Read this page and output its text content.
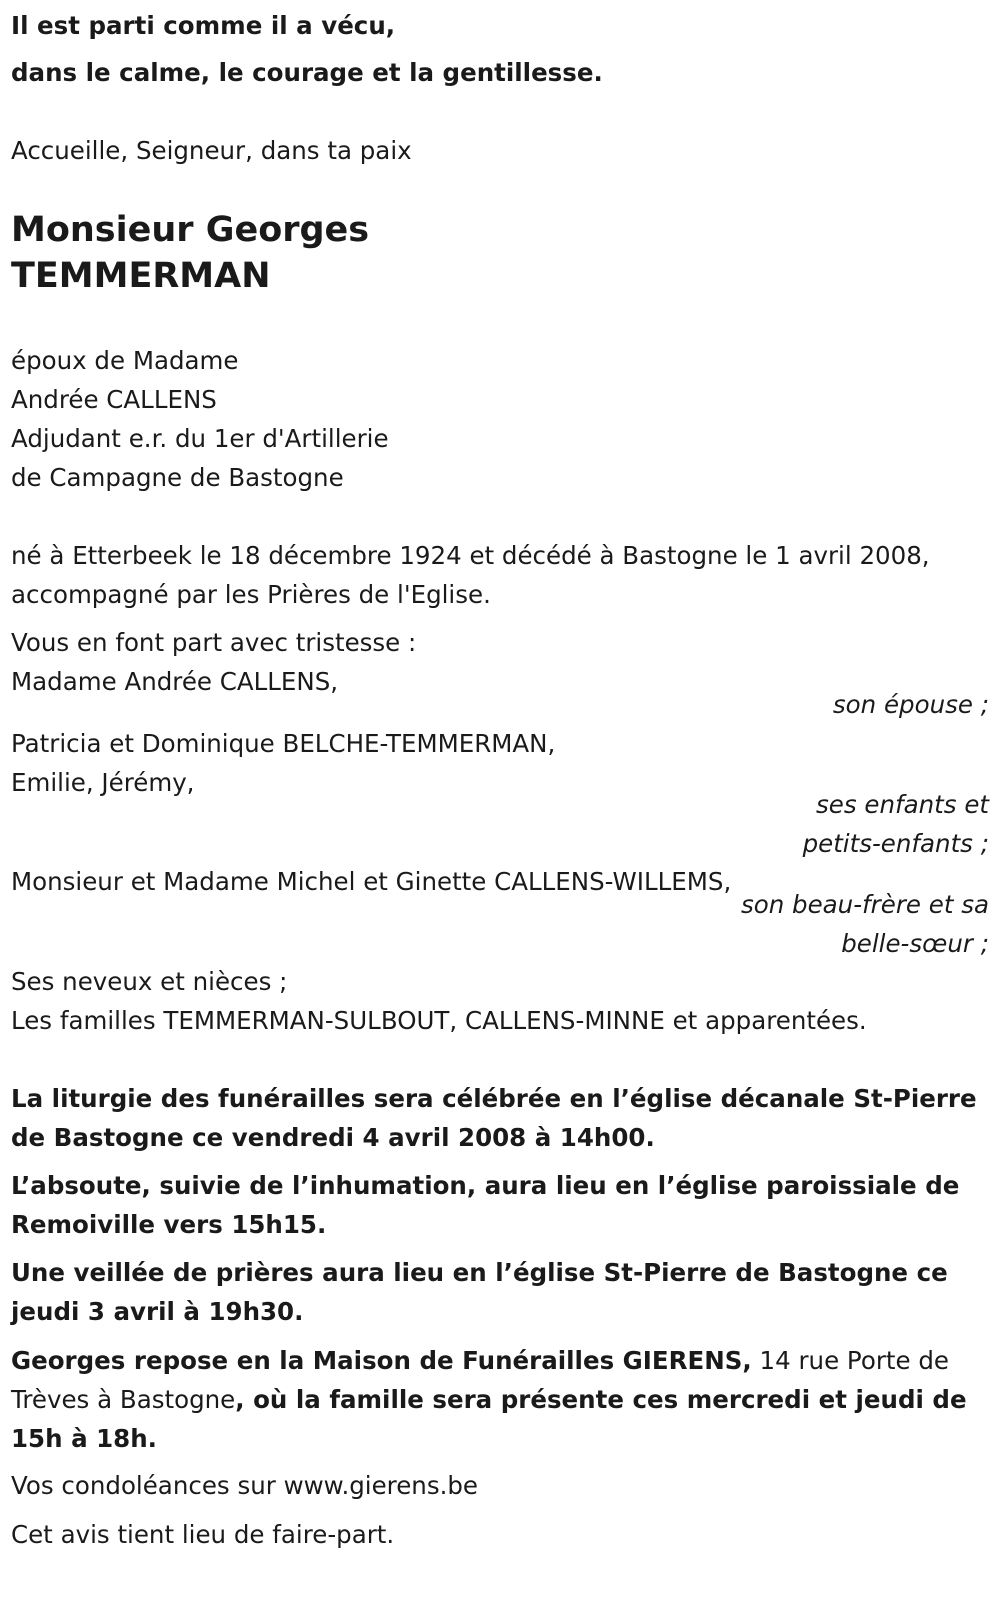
Il est parti comme il a vécu,
dans le calme, le courage et la gentillesse.
Accueille, Seigneur, dans ta paix
Monsieur Georges
TEMMERMAN
époux de Madame
Andrée CALLENS
Adjudant e.r. du 1er d'Artillerie
de Campagne de Bastogne
né à Etterbeek le 18 décembre 1924 et décédé à Bastogne le 1 avril 2008,
accompagné par les Prières de l'Eglise.
Vous en font part avec tristesse :
Madame Andrée CALLENS,
son épouse ;
Patricia et Dominique BELCHE-TEMMERMAN,
Emilie, Jérémy,
ses enfants et
petits-enfants ;
Monsieur et Madame Michel et Ginette CALLENS-WILLEMS,
son beau-frère et sa
belle-sœur ;
Ses neveux et nièces ;
Les familles TEMMERMAN-SULBOUT, CALLENS-MINNE et apparentées.
La liturgie des funérailles sera célébrée en l’église décanale St-Pierre
de Bastogne ce vendredi 4 avril 2008 à 14h00.
L’absoute, suivie de l’inhumation, aura lieu en l’église paroissiale de
Remoiville vers 15h15.
Une veillée de prières aura lieu en l’église St-Pierre de Bastogne ce
jeudi 3 avril à 19h30.
Georges repose en la Maison de Funérailles GIERENS, 14 rue Porte de
Trèves à Bastogne, où la famille sera présente ces mercredi et jeudi de
15h à 18h.
Vos condoléances sur www.gierens.be
Cet avis tient lieu de faire-part.
